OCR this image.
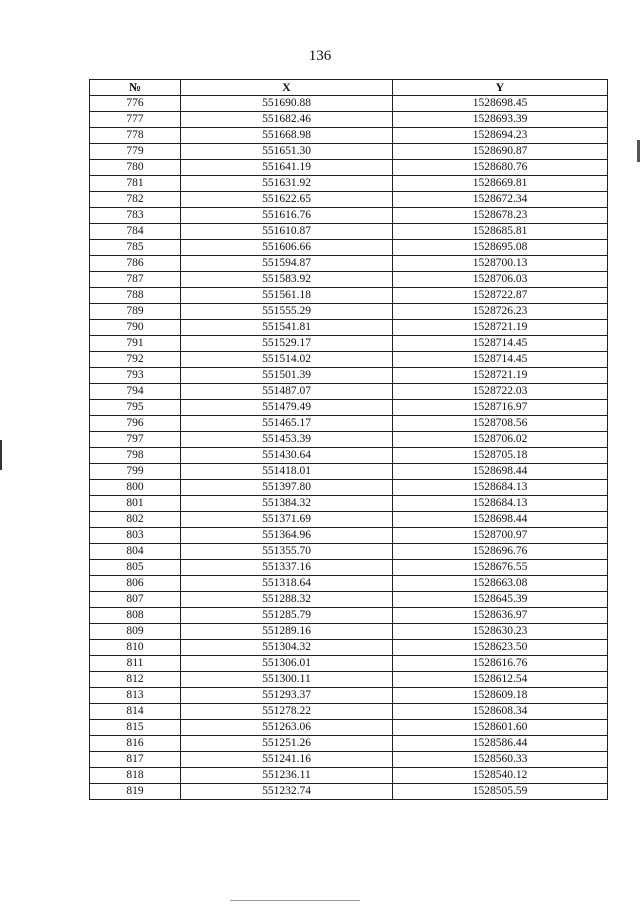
136
№	X	Y
776	551690.88	1528698.45
777	551682.46	1528693.39
778	551668.98	1528694.23
779	551651.30	1528690.87
780	551641.19	1528680.76
781	551631.92	1528669.81
782	551622.65	1528672.34
783	551616.76	1528678.23
784	551610.87	1528685.81
785	551606.66	1528695.08
786	551594.87	1528700.13
787	551583.92	1528706.03
788	551561.18	1528722.87
789	551555.29	1528726.23
790	551541.81	1528721.19
791	551529.17	1528714.45
792	551514.02	1528714.45
793	551501.39	1528721.19
794	551487.07	1528722.03
795	551479.49	1528716.97
796	551465.17	1528708.56
797	551453.39	1528706.02
798	551430.64	1528705.18
799	551418.01	1528698.44
800	551397.80	1528684.13
801	551384.32	1528684.13
802	551371.69	1528698.44
803	551364.96	1528700.97
804	551355.70	1528696.76
805	551337.16	1528676.55
806	551318.64	1528663.08
807	551288.32	1528645.39
808	551285.79	1528636.97
809	551289.16	1528630.23
810	551304.32	1528623.50
811	551306.01	1528616.76
812	551300.11	1528612.54
813	551293.37	1528609.18
814	551278.22	1528608.34
815	551263.06	1528601.60
816	551251.26	1528586.44
817	551241.16	1528560.33
818	551236.11	1528540.12
819	551232.74	1528505.59
